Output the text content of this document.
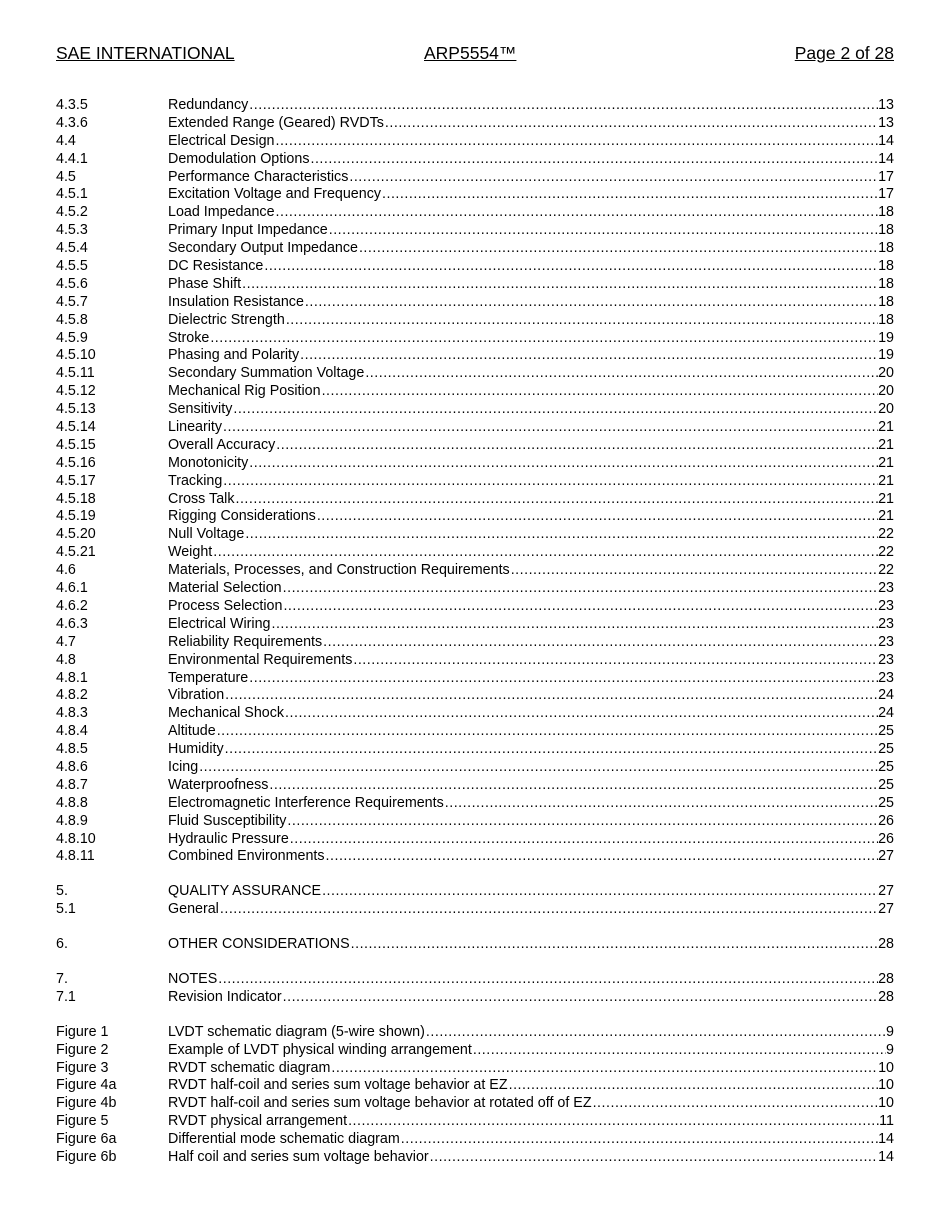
SAE INTERNATIONAL	ARP5554™	Page 2 of 28
4.3.5	Redundancy .....	13
4.3.6	Extended Range (Geared) RVDTs .....	13
4.4	Electrical Design .....	14
4.4.1	Demodulation Options .....	14
4.5	Performance Characteristics .....	17
4.5.1	Excitation Voltage and Frequency .....	17
4.5.2	Load Impedance .....	18
4.5.3	Primary Input Impedance .....	18
4.5.4	Secondary Output Impedance .....	18
4.5.5	DC Resistance .....	18
4.5.6	Phase Shift .....	18
4.5.7	Insulation Resistance .....	18
4.5.8	Dielectric Strength .....	18
4.5.9	Stroke .....	19
4.5.10	Phasing and Polarity .....	19
4.5.11	Secondary Summation Voltage .....	20
4.5.12	Mechanical Rig Position .....	20
4.5.13	Sensitivity .....	20
4.5.14	Linearity .....	21
4.5.15	Overall Accuracy .....	21
4.5.16	Monotonicity .....	21
4.5.17	Tracking .....	21
4.5.18	Cross Talk .....	21
4.5.19	Rigging Considerations .....	21
4.5.20	Null Voltage .....	22
4.5.21	Weight .....	22
4.6	Materials, Processes, and Construction Requirements .....	22
4.6.1	Material Selection .....	23
4.6.2	Process Selection .....	23
4.6.3	Electrical Wiring .....	23
4.7	Reliability Requirements .....	23
4.8	Environmental Requirements .....	23
4.8.1	Temperature .....	23
4.8.2	Vibration .....	24
4.8.3	Mechanical Shock .....	24
4.8.4	Altitude .....	25
4.8.5	Humidity .....	25
4.8.6	Icing .....	25
4.8.7	Waterproofness .....	25
4.8.8	Electromagnetic Interference Requirements .....	25
4.8.9	Fluid Susceptibility .....	26
4.8.10	Hydraulic Pressure .....	26
4.8.11	Combined Environments .....	27
5.	QUALITY ASSURANCE .....	27
5.1	General .....	27
6.	OTHER CONSIDERATIONS .....	28
7.	NOTES .....	28
7.1	Revision Indicator .....	28
Figure 1	LVDT schematic diagram (5-wire shown) .....	9
Figure 2	Example of LVDT physical winding arrangement .....	9
Figure 3	RVDT schematic diagram .....	10
Figure 4a	RVDT half-coil and series sum voltage behavior at EZ .....	10
Figure 4b	RVDT half-coil and series sum voltage behavior at rotated off of EZ .....	10
Figure 5	RVDT physical arrangement .....	11
Figure 6a	Differential mode schematic diagram .....	14
Figure 6b	Half coil and series sum voltage behavior .....	14
